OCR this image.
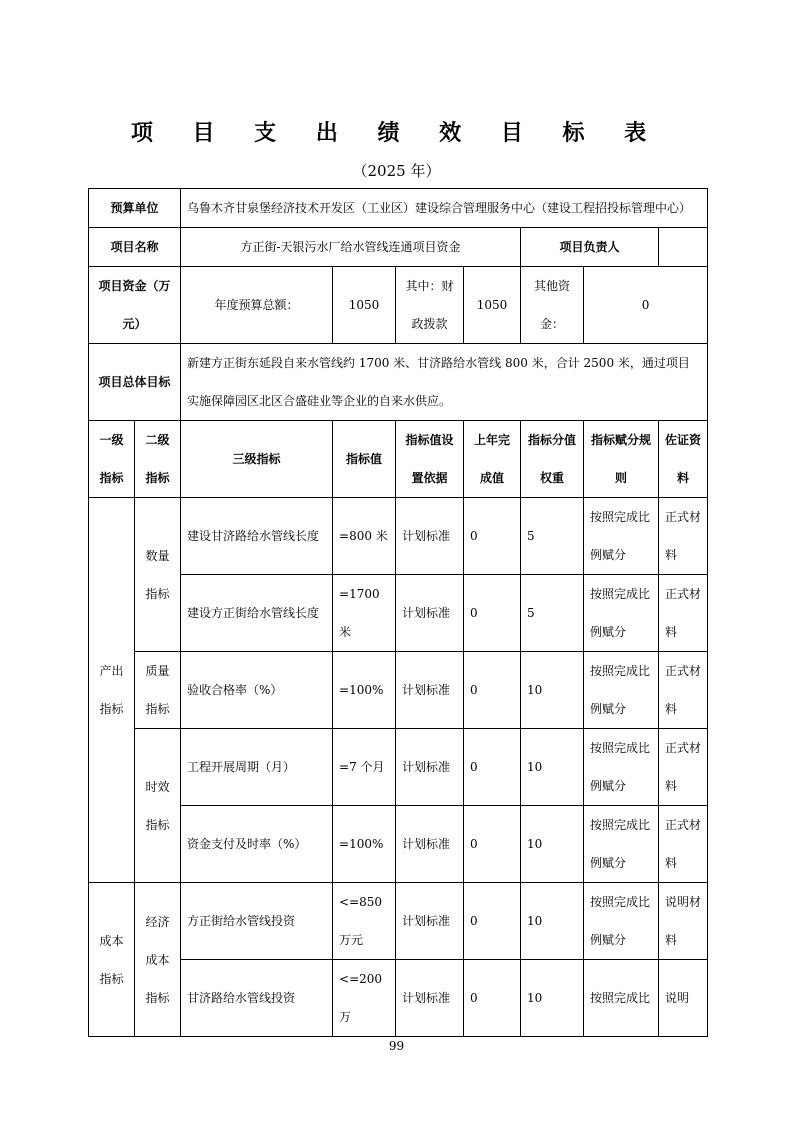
项 目 支 出 绩 效 目 标 表
（2025 年）
预算单位		乌鲁木齐甘泉堡经济技术开发区（工业区）建设综合管理服务中心（建设工程招投标管理中心）						
项目名称		方正街-天银污水厂给水管线连通项目资金				项目负责人		
项目资金（万元）		年度预算总额：	1050	其中：财政拨款	1050	其他资金：	0	
项目总体目标		新建方正街东延段自来水管线约 1700 米、甘济路给水管线 800 米，合计 2500 米，通过项目实施保障园区北区合盛硅业等企业的自来水供应。						
一级指标	二级指标	三级指标	指标值	指标值设置依据	上年完成值	指标分值权重	指标赋分规则	佐证资料
产出指标	数量指标	建设甘济路给水管线长度	=800 米	计划标准	0	5	按照完成比例赋分	正式材料
		建设方正街给水管线长度	=1700 米	计划标准	0	5	按照完成比例赋分	正式材料
	质量指标	验收合格率（%）	=100%	计划标准	0	10	按照完成比例赋分	正式材料
	时效指标	工程开展周期（月）	=7 个月	计划标准	0	10	按照完成比例赋分	正式材料
		资金支付及时率（%）	=100%	计划标准	0	10	按照完成比例赋分	正式材料
成本指标	经济成本指标	方正街给水管线投资	<=850 万元	计划标准	0	10	按照完成比例赋分	说明材料
		甘济路给水管线投资	<=200 万	计划标准	0	10	按照完成比	说明
99
